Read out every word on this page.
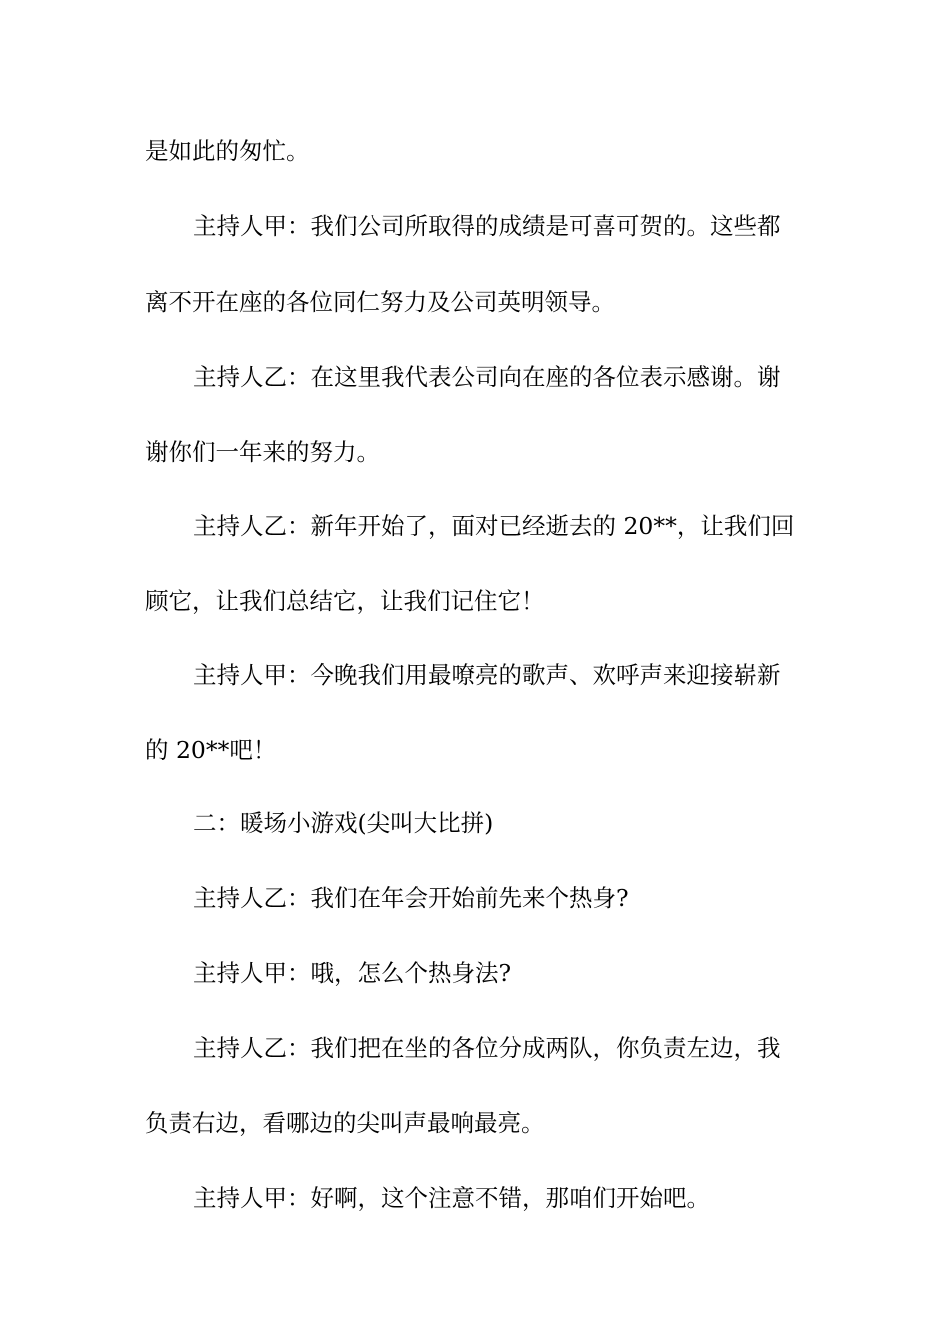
是如此的匆忙。
主持人甲：我们公司所取得的成绩是可喜可贺的。这些都
离不开在座的各位同仁努力及公司英明领导。
主持人乙：在这里我代表公司向在座的各位表示感谢。谢
谢你们一年来的努力。
主持人乙：新年开始了，面对已经逝去的 20**，让我们回
顾它，让我们总结它，让我们记住它！
主持人甲：今晚我们用最嘹亮的歌声、欢呼声来迎接崭新
的 20**吧！
二：暖场小游戏(尖叫大比拼)
主持人乙：我们在年会开始前先来个热身?
主持人甲：哦，怎么个热身法?
主持人乙：我们把在坐的各位分成两队，你负责左边，我
负责右边，看哪边的尖叫声最响最亮。
主持人甲：好啊，这个注意不错，那咱们开始吧。
